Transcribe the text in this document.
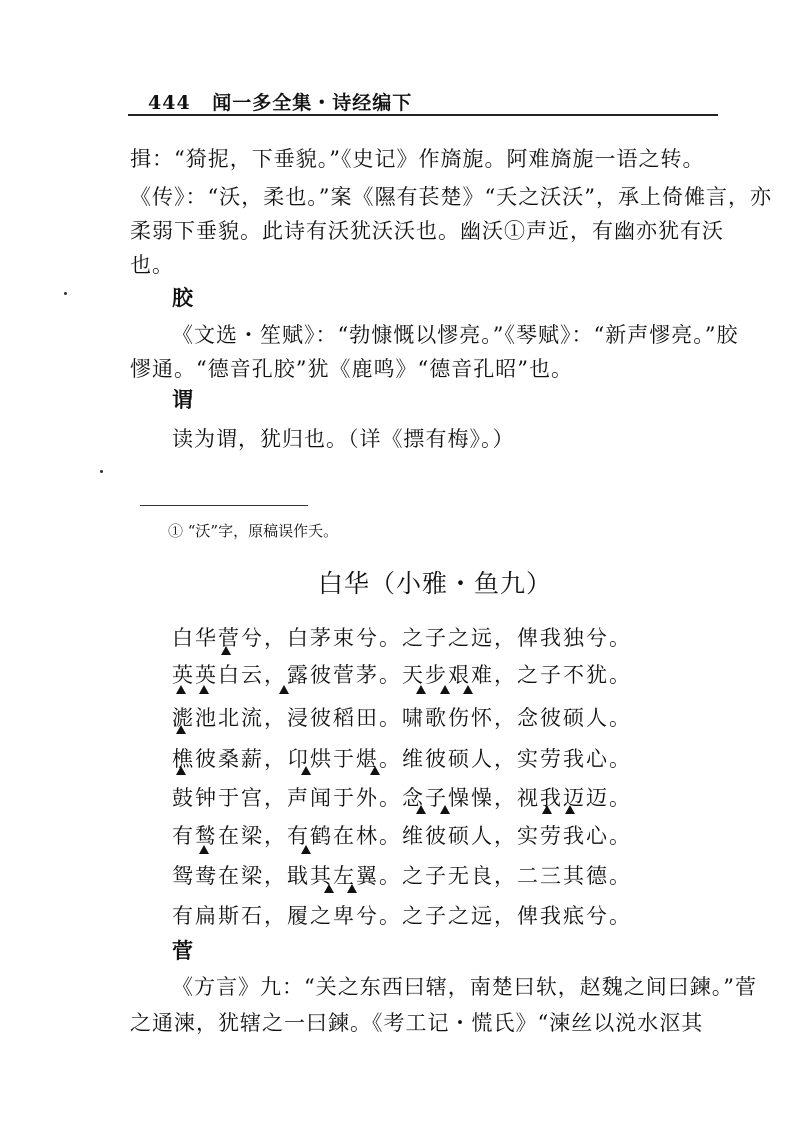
444 闻一多全集・诗经编下
揖：“猗抳，下垂貌。”《史记》作旖旎。阿难旖旎一语之转。
《传》：“沃，柔也。”案《隰有苌楚》“夭之沃沃”，承上倚傩言，亦
柔弱下垂貌。此诗有沃犹沃沃也。幽沃①声近，有幽亦犹有沃
也。
胶
《文选・笙赋》：“勃慷慨以憀亮。”《琴赋》：“新声憀亮。”胶
憀通。“德音孔胶”犹《鹿鸣》“德音孔昭”也。
谓
读为谓，犹归也。（详《摽有梅》。）
① “沃”字，原稿误作夭。
白华（小雅・鱼九）
白华菅兮，白茅束兮。之子之远，俾我独兮。
英英白云，露彼菅茅。天步艰难，之子不犹。
滮池北流，浸彼稻田。啸歌伤怀，念彼硕人。
樵彼桑薪，卬烘于煁。维彼硕人，实劳我心。
鼓钟于宫，声闻于外。念子懆懆，视我迈迈。
有鹙在梁，有鹤在林。维彼硕人，实劳我心。
鸳鸯在梁，戢其左翼。之子无良，二三其德。
有扁斯石，履之卑兮。之子之远，俾我疷兮。
菅
《方言》九：“关之东西曰辖，南楚曰轪，赵魏之间曰鍊。”菅
之通湅，犹辖之一曰鍊。《考工记・慌氏》“湅丝以涚水沤其
